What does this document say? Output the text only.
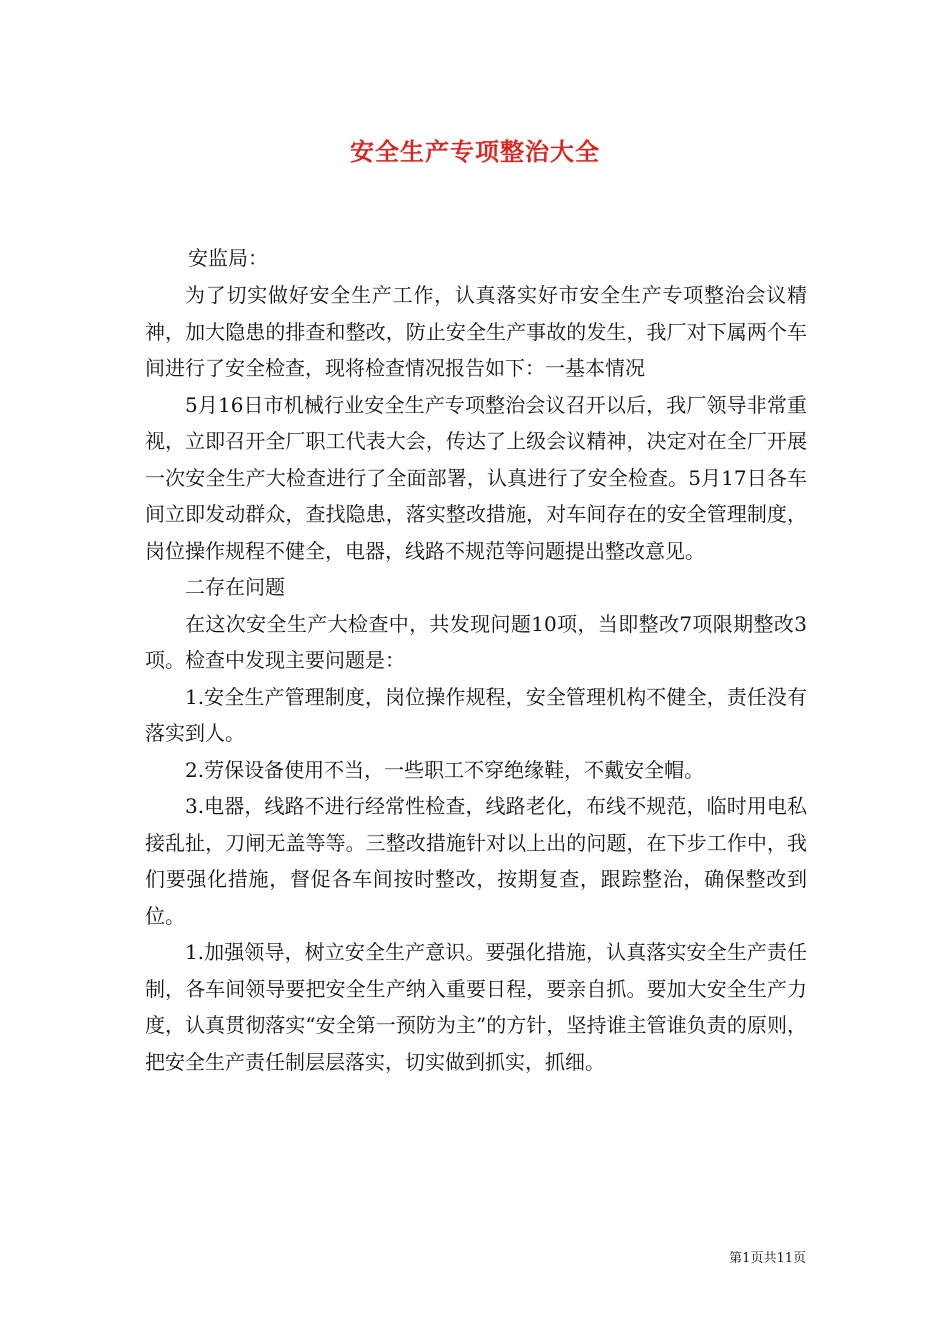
安全生产专项整治大全
安监局：

为了切实做好安全生产工作，认真落实好市安全生产专项整治会议精神，加大隐患的排查和整改，防止安全生产事故的发生，我厂对下属两个车间进行了安全检查，现将检查情况报告如下：一基本情况

5月16日市机械行业安全生产专项整治会议召开以后，我厂领导非常重视，立即召开全厂职工代表大会，传达了上级会议精神，决定对在全厂开展一次安全生产大检查进行了全面部署，认真进行了安全检查。5月17日各车间立即发动群众，查找隐患，落实整改措施，对车间存在的安全管理制度，岗位操作规程不健全，电器，线路不规范等问题提出整改意见。

二存在问题

在这次安全生产大检查中，共发现问题10项，当即整改7项限期整改3项。检查中发现主要问题是：

1.安全生产管理制度，岗位操作规程，安全管理机构不健全，责任没有落实到人。

2.劳保设备使用不当，一些职工不穿绝缘鞋，不戴安全帽。

3.电器，线路不进行经常性检查，线路老化，布线不规范，临时用电私接乱扯，刀闸无盖等等。三整改措施针对以上出的问题，在下步工作中，我们要强化措施，督促各车间按时整改，按期复查，跟踪整治，确保整改到位。

1.加强领导，树立安全生产意识。要强化措施，认真落实安全生产责任制，各车间领导要把安全生产纳入重要日程，要亲自抓。要加大安全生产力度，认真贯彻落实“安全第一预防为主”的方针，坚持谁主管谁负责的原则，把安全生产责任制层层落实，切实做到抓实，抓细。

第1页共11页
